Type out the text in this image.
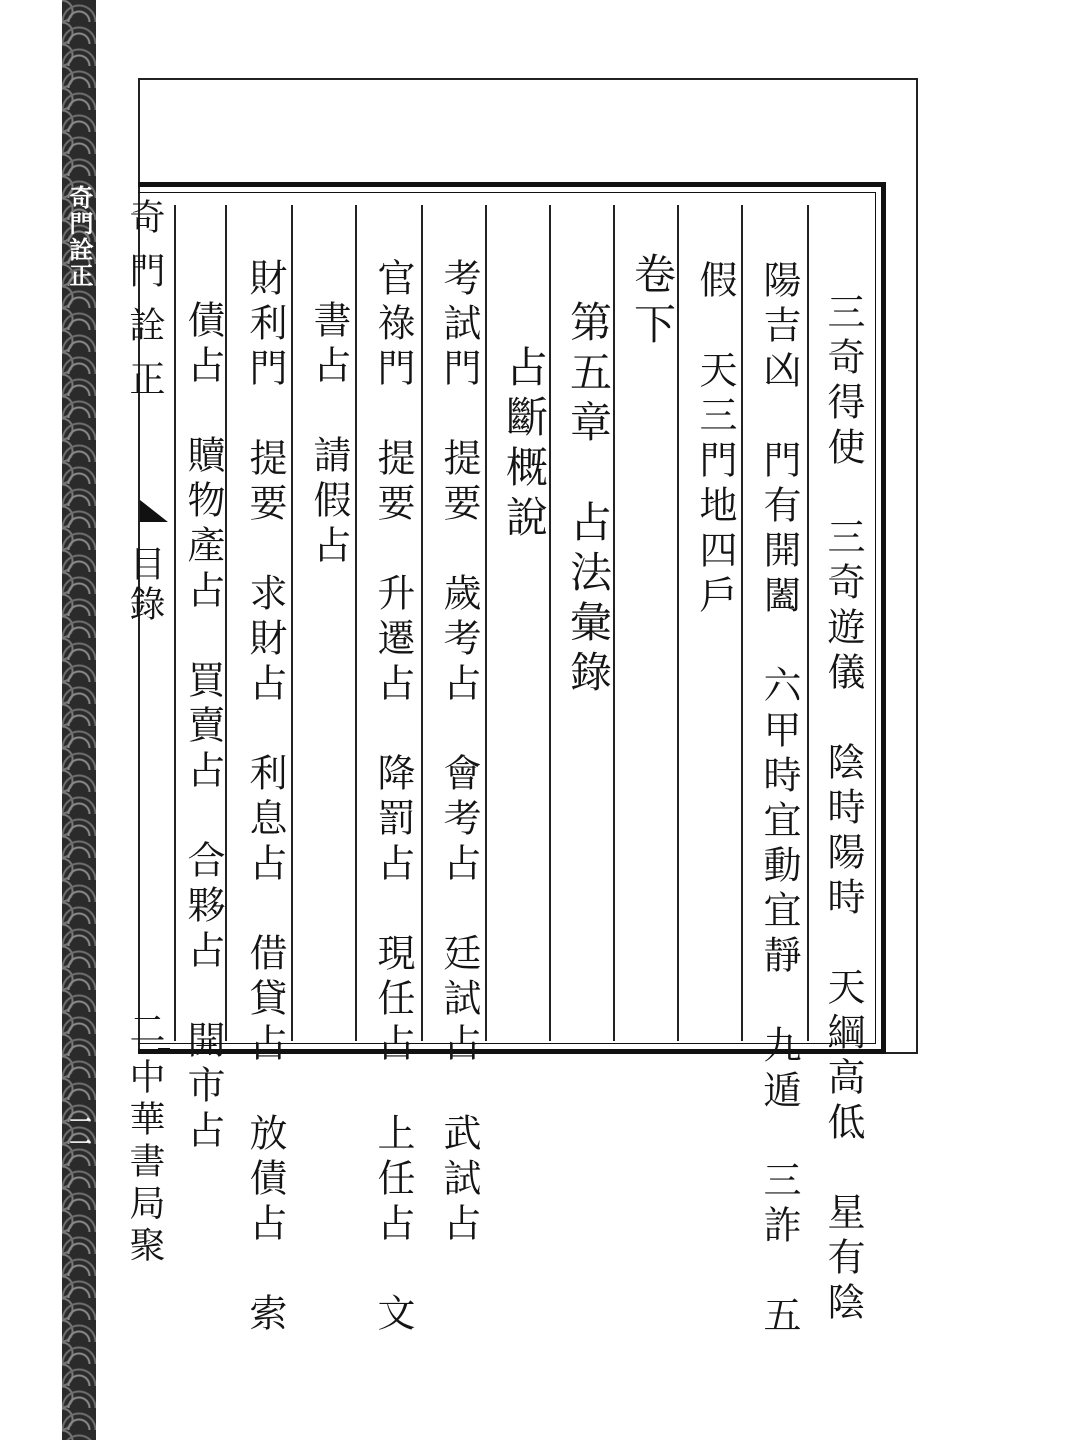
奇門詮正
一一
奇門詮正
目錄
二
中華書局聚	三奇得使　三奇遊儀　陰時陽時　天綱高低　星有陰
陽吉凶　門有開闔　六甲時宜動宜靜　九遁　三詐　五
假　天三門地四戶
卷下
第五章　占法彙錄
占斷概說
考試門　提要　歲考占　會考占　廷試占　武試占
官祿門　提要　升遷占　降罰占　現任占　上任占　文
書占　請假占
財利門　提要　求財占　利息占　借貸占　放債占　索
債占　贖物產占　買賣占　合夥占　開市占
